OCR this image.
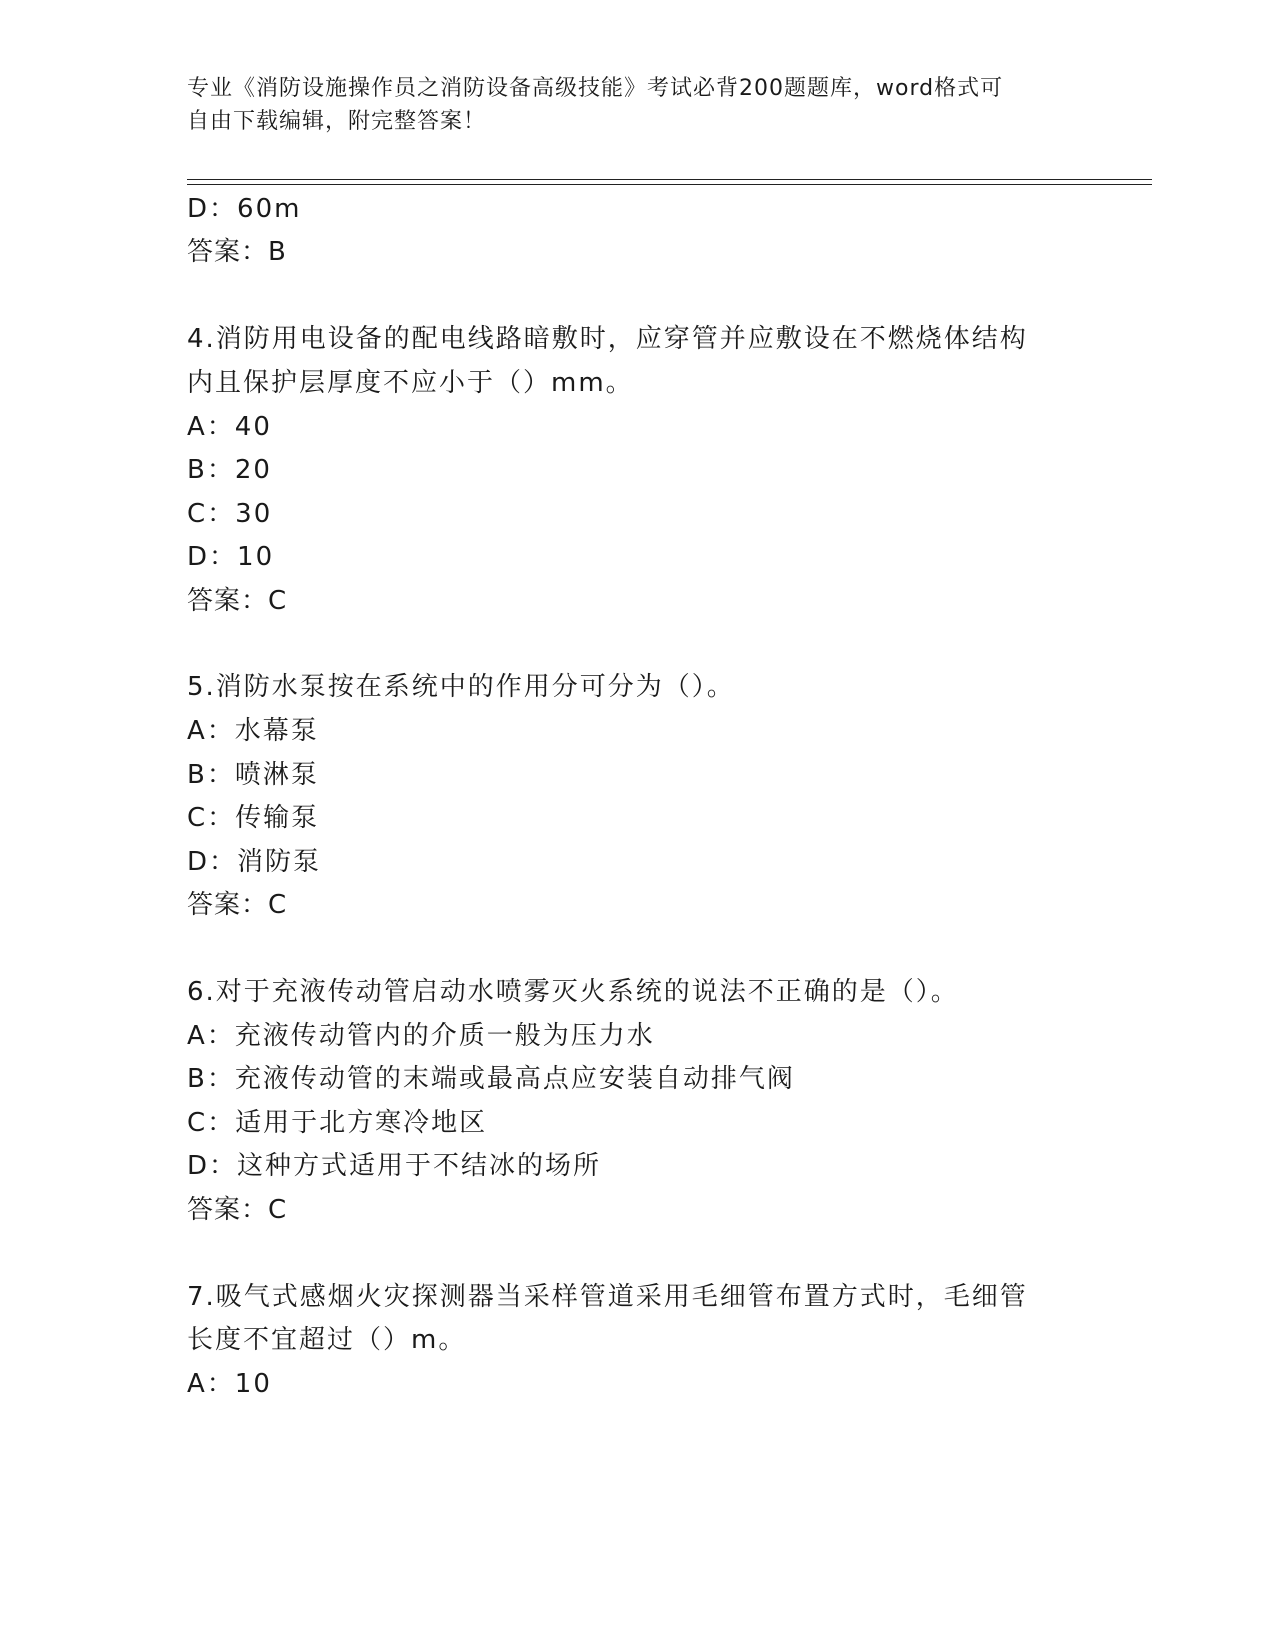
专业《消防设施操作员之消防设备高级技能》考试必背200题题库，word格式可
自由下载编辑，附完整答案！
D：60m
答案：B
4.消防用电设备的配电线路暗敷时，应穿管并应敷设在不燃烧体结构
内且保护层厚度不应小于（）mm。
A：40
B：20
C：30
D：10
答案：C
5.消防水泵按在系统中的作用分可分为（）。
A：水幕泵
B：喷淋泵
C：传输泵
D：消防泵
答案：C
6.对于充液传动管启动水喷雾灭火系统的说法不正确的是（）。
A：充液传动管内的介质一般为压力水
B：充液传动管的末端或最高点应安装自动排气阀
C：适用于北方寒冷地区
D：这种方式适用于不结冰的场所
答案：C
7.吸气式感烟火灾探测器当采样管道采用毛细管布置方式时，毛细管
长度不宜超过（）m。
A：10
